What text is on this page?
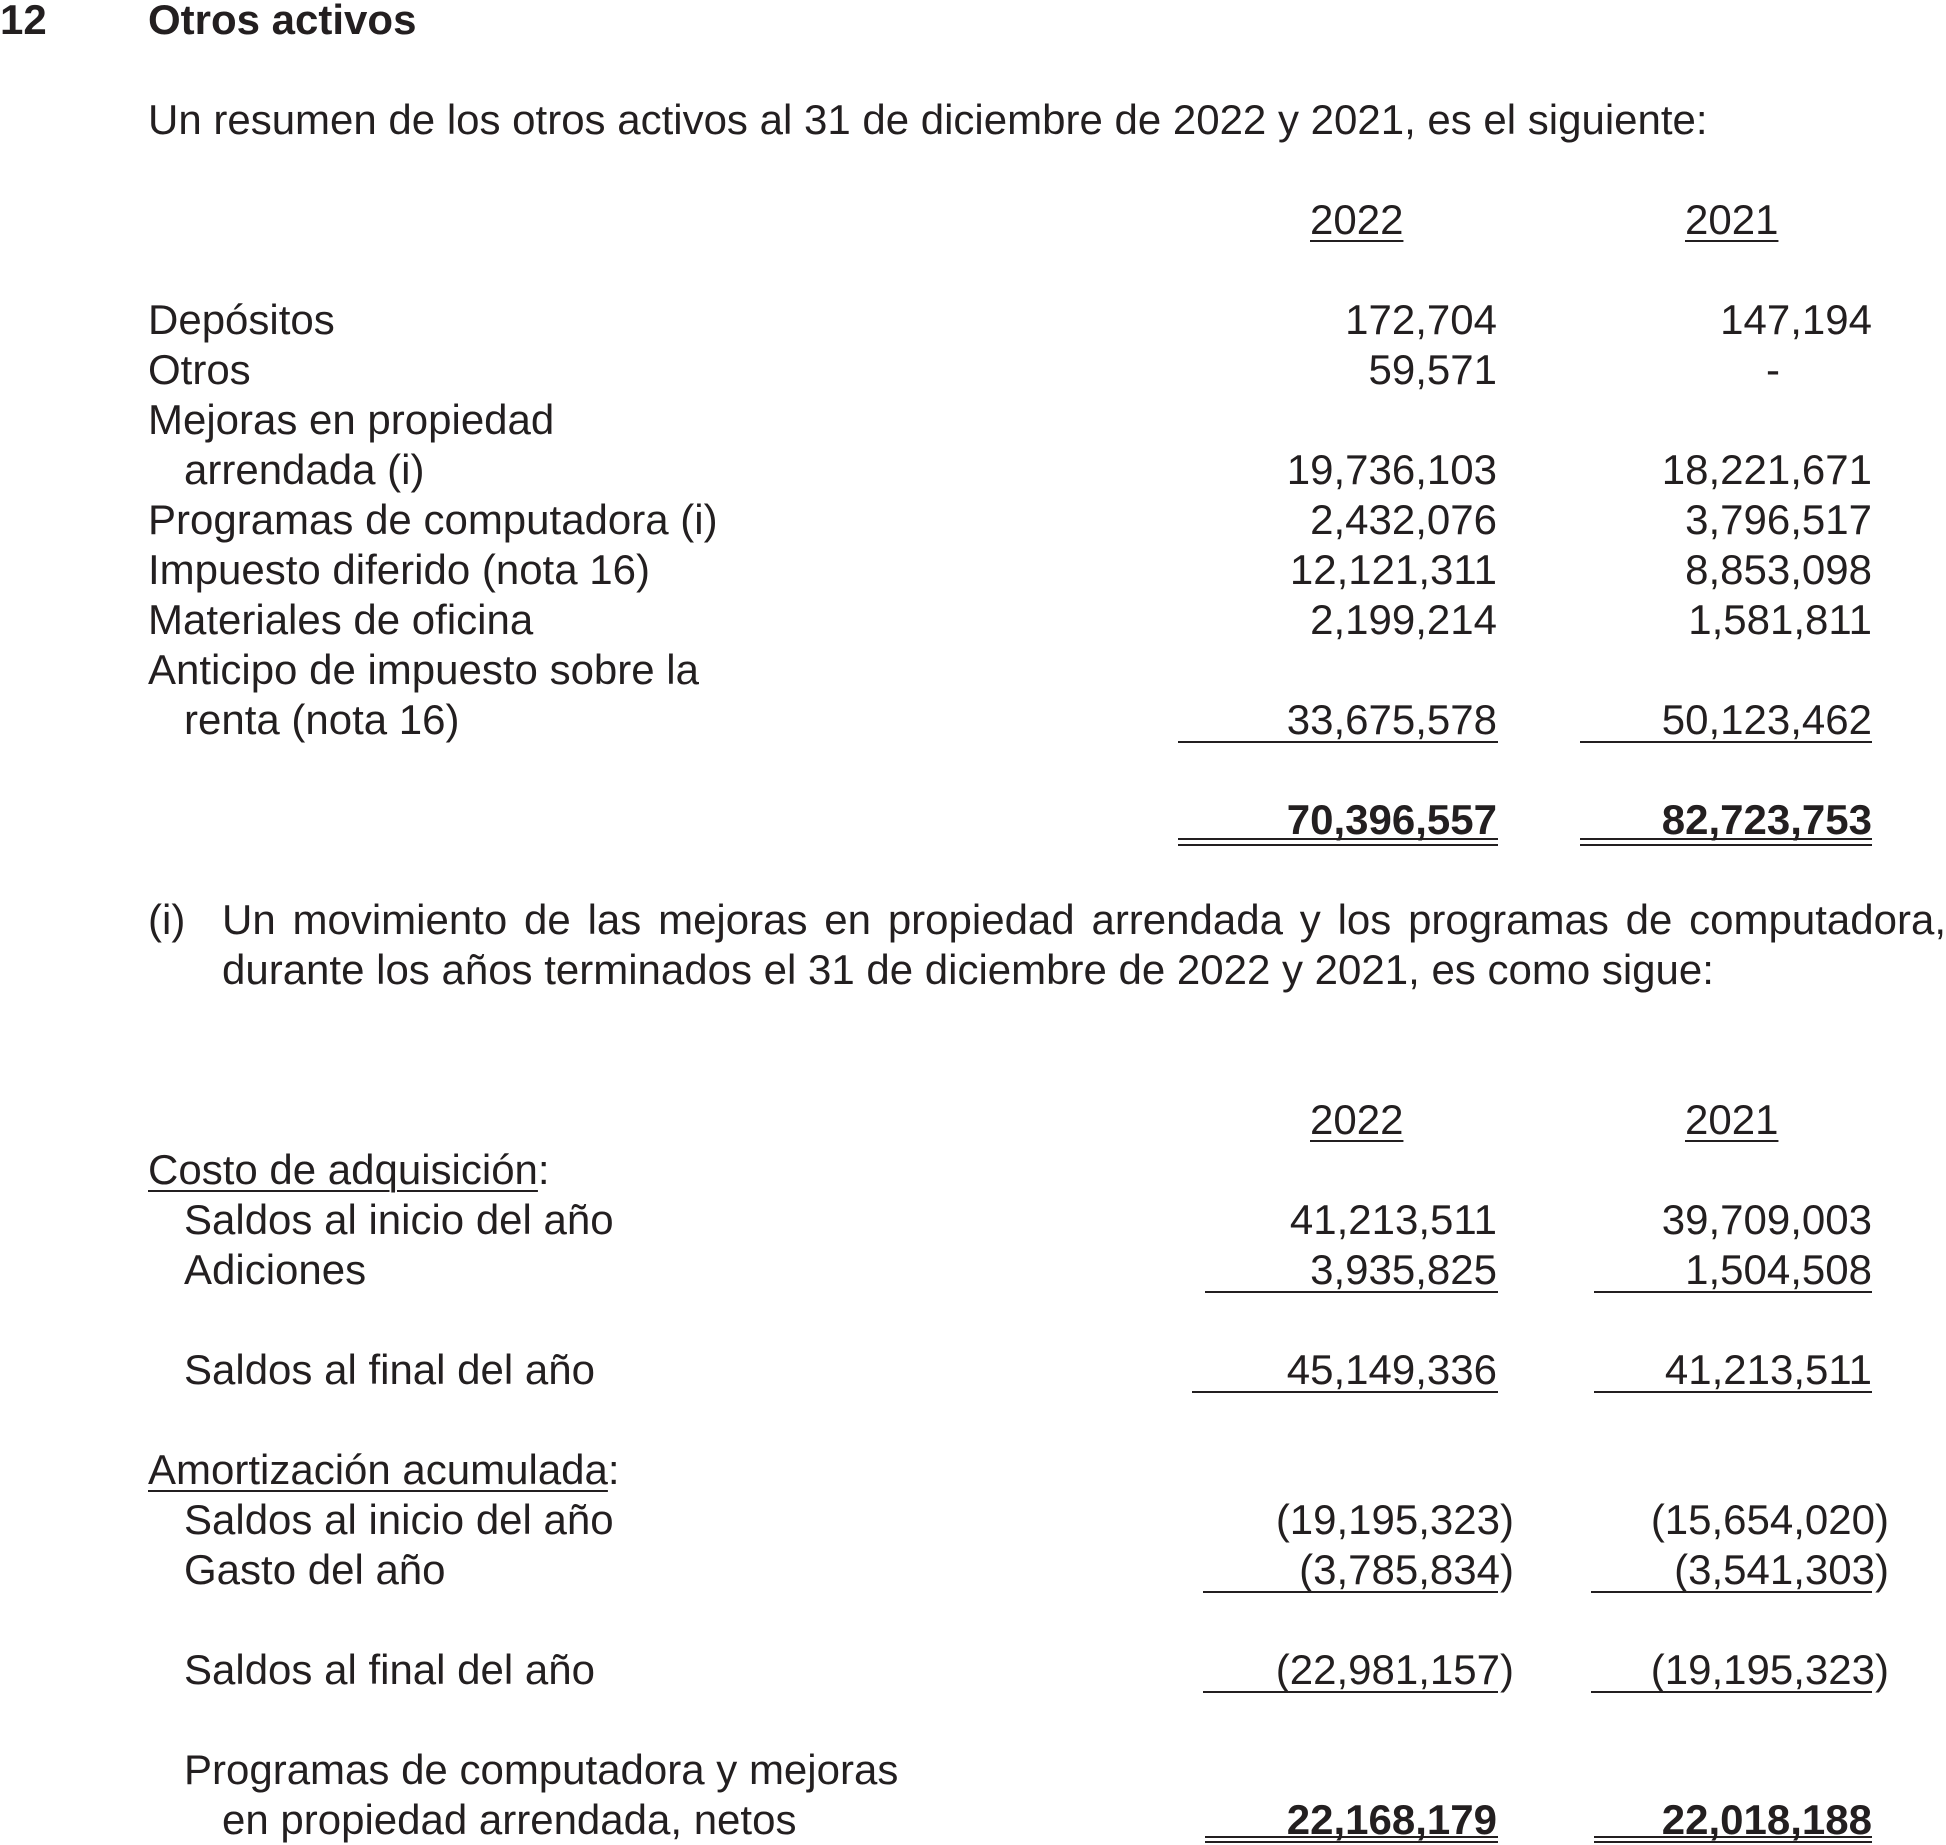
12 Otros activos
Un resumen de los otros activos al 31 de diciembre de 2022 y 2021, es el siguiente:
2022	2021
Depósitos	172,704	147,194
Otros	59,571	-
Mejoras en propiedad
arrendada (i)	19,736,103	18,221,671
Programas de computadora (i)	2,432,076	3,796,517
Impuesto diferido (nota 16)	12,121,311	8,853,098
Materiales de oficina	2,199,214	1,581,811
Anticipo de impuesto sobre la
renta (nota 16)	33,675,578	50,123,462
70,396,557	82,723,753
(i) Un movimiento de las mejoras en propiedad arrendada y los programas de computadora, durante los años terminados el 31 de diciembre de 2022 y 2021, es como sigue:
2022	2021
Costo de adquisición:
Saldos al inicio del año	41,213,511	39,709,003
Adiciones	3,935,825	1,504,508
Saldos al final del año	45,149,336	41,213,511
Amortización acumulada:
Saldos al inicio del año	(19,195,323)	(15,654,020)
Gasto del año	(3,785,834)	(3,541,303)
Saldos al final del año	(22,981,157)	(19,195,323)
Programas de computadora y mejoras
en propiedad arrendada, netos	22,168,179	22,018,188
